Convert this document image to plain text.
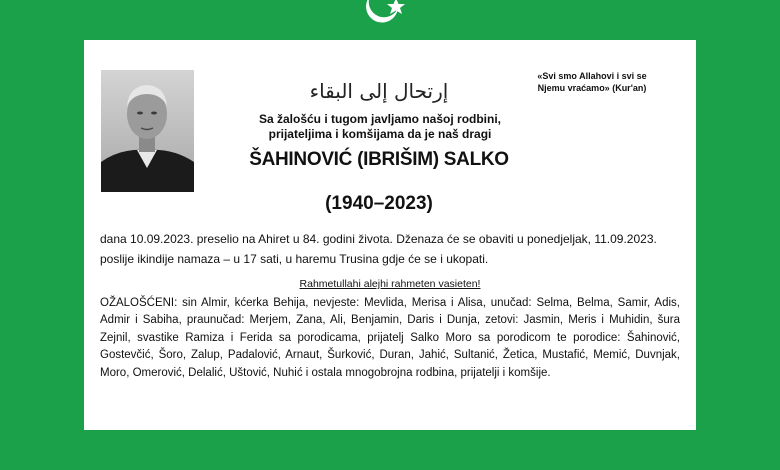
إرتحال إلى البقاء
«Svi smo Allahovi i svi se
Njemu vraćamo» (Kur'an)
Sa žalošću i tugom javljamo našoj rodbini,
prijateljima i komšijama da je naš dragi
ŠAHINOVIĆ (IBRIŠIM) SALKO
(1940–2023)

dana 10.09.2023. preselio na Ahiret u 84. godini života. Dženaza će se obaviti u ponedjeljak, 11.09.2023.

poslije ikindije namaza – u 17 sati, u haremu Trusina gdje će se i ukopati.

Rahmetullahi alejhi rahmeten vasieten!
OŽALOŠĆENI: sin Almir, kćerka Behija, nevjeste: Mevlida, Merisa i Alisa, unučad: Selma, Belma, Samir, Adis, Admir i Sabiha, praunučad: Merjem, Zana, Ali, Benjamin, Daris i Dunja, zetovi: Jasmin, Meris i Muhidin, šura Zejnil, svastike Ramiza i Ferida sa porodicama, prijatelj Salko Moro sa porodicom te porodice: Šahinović, Gostevčić, Šoro, Zalup, Padalović, Arnaut, Šurković, Duran, Jahić, Sultanić, Žetica, Mustafić, Memić, Duvnjak, Moro, Omerović, Delalić, Uštović, Nuhić i ostala mnogobrojna rodbina, prijatelji i komšije.
